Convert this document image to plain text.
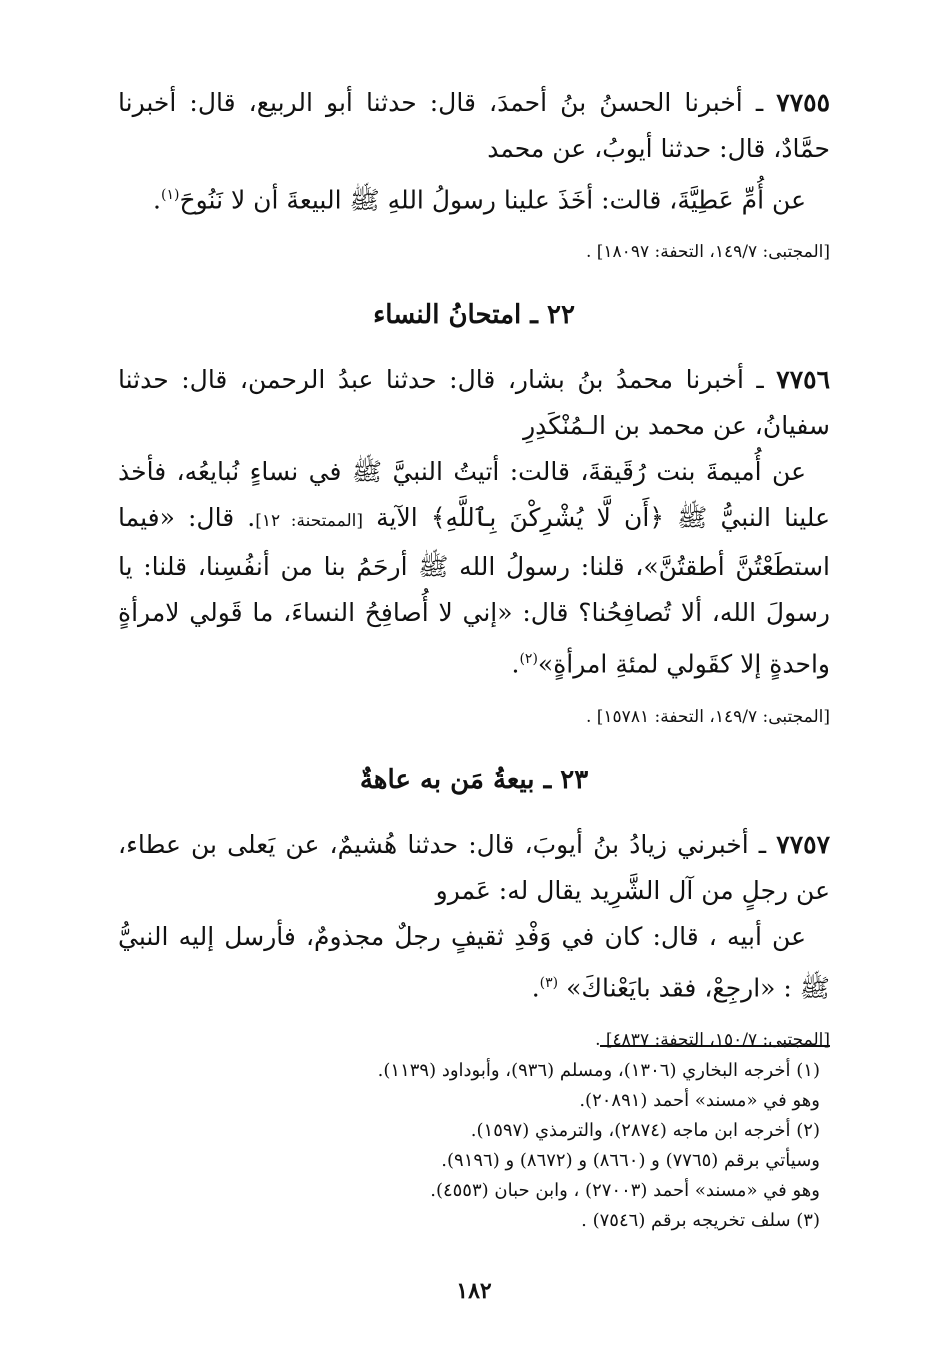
٧٧٥٥ ـ أخبرنا الحسنُ بنُ أحمدَ، قال: حدثنا أبو الربيع، قال: أخبرنا حمَّادٌ، قال: حدثنا أيوبُ، عن محمد

عن أُمِّ عَطِيَّةَ، قالت: أخَذَ علينا رسولُ اللهِ ﷺ البيعةَ أن لا نَنُوحَ$^{(١)}$.

[المجتبى: ١٤٩/٧، التحفة: ١٨٠٩٧] .

٢٢ ـ امتحانُ النساء

٧٧٥٦ ـ أخبرنا محمدُ بنُ بشار، قال: حدثنا عبدُ الرحمن، قال: حدثنا سفيانُ، عن محمد بن الـمُنْكَدِرِ

عن أُميمةَ بنت رُقَيقةَ، قالت: أتيتُ النبيَّ ﷺ في نساءٍ نُبايعُه، فأخذ علينا النبيُّ ﷺ ﴿أَن لَّا يُشْرِكْنَ بِٱللَّهِ﴾ الآية [الممتحنة: ١٢]. قال: «فيما استطَعْتُنَّ أطقتُنَّ»، قلنا: رسولُ الله ﷺ أرحَمُ بنا من أنفُسِنا، قلنا: يا رسولَ الله، ألا تُصافِحُنا؟ قال: «إني لا أُصافِحُ النساءَ، ما قَولي لامرأةٍ واحدةٍ إلا كقَولي لمئةِ امرأةٍ»$^{(٢)}$.

[المجتبى: ١٤٩/٧، التحفة: ١٥٧٨١] .

٢٣ ـ بيعةُ مَن به عاهةٌ

٧٧٥٧ ـ أخبرني زيادُ بنُ أيوبَ، قال: حدثنا هُشيمٌ، عن يَعلى بن عطاء، عن رجلٍ من آل الشَّرِيد يقال له: عَمرو

عن أبيه ، قال: كان في وَفْدِ ثقيفٍ رجلٌ مجذومٌ، فأرسل إليه النبيُّ ﷺ : «ارجِعْ، فقد بايَعْناكَ» $^{(٣)}$.

[المجتبى: ١٥٠/٧، التحفة: ٤٨٣٧] .

(١) أخرجه البخاري (١٣٠٦)، ومسلم (٩٣٦)، وأبوداود (١١٣٩).

وهو في «مسند» أحمد (٢٠٨٩١).

(٢) أخرجه ابن ماجه (٢٨٧٤)، والترمذي (١٥٩٧).

وسيأتي برقم (٧٧٦٥) و (٨٦٦٠) و (٨٦٧٢) و (٩١٩٦).

وهو في «مسند» أحمد (٢٧٠٠٣) ، وابن حبان (٤٥٥٣).

(٣) سلف تخريجه برقم (٧٥٤٦) .

١٨٢
